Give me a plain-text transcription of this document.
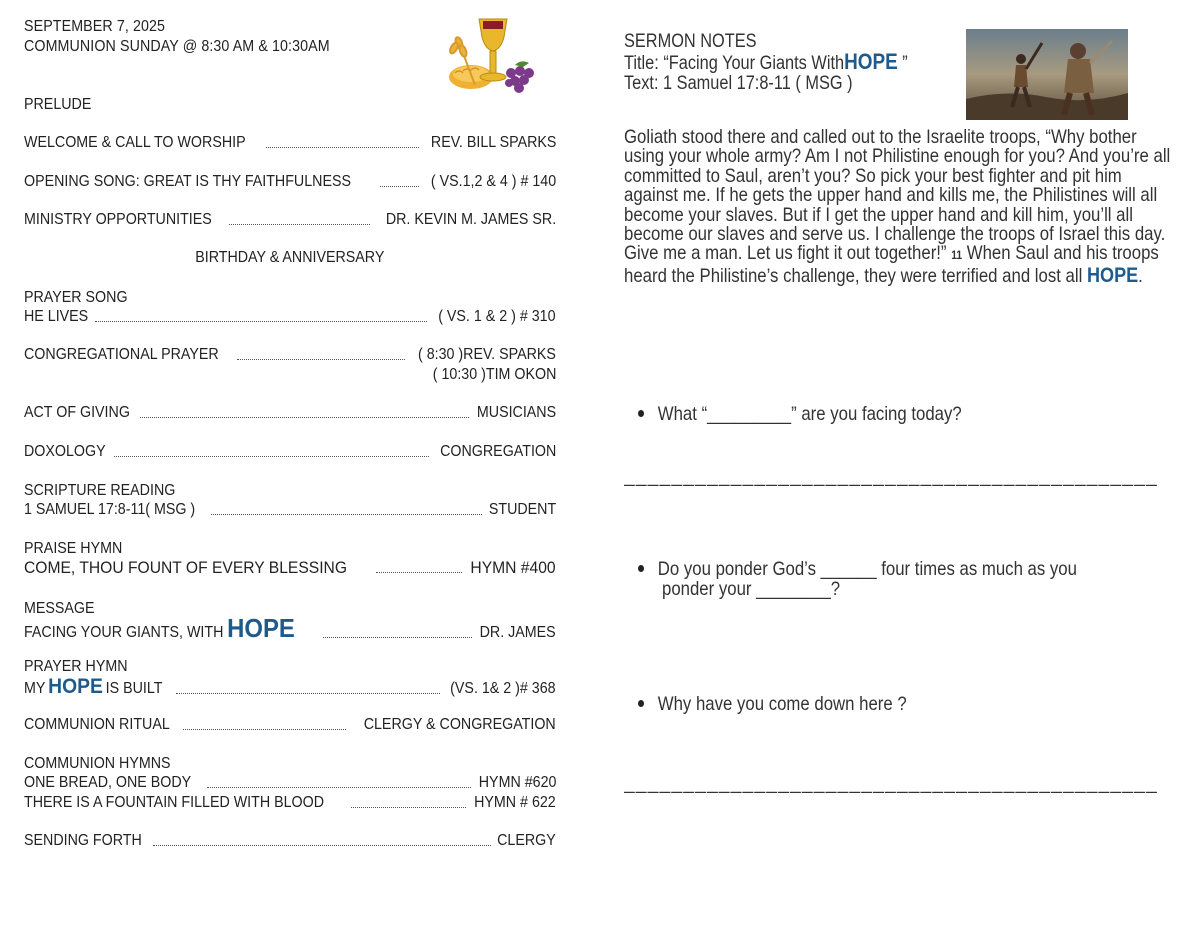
SEPTEMBER 7, 2025
COMMUNION SUNDAY @ 8:30 AM & 10:30AM
PRELUDE
WELCOME & CALL TO WORSHIP	REV. BILL SPARKS
OPENING SONG: GREAT IS THY FAITHFULNESS	( VS.1,2 & 4 ) # 140
MINISTRY OPPORTUNITIES	DR. KEVIN M. JAMES SR.
BIRTHDAY & ANNIVERSARY
PRAYER SONG
HE LIVES	( VS. 1 & 2 ) # 310
CONGREGATIONAL PRAYER	( 8:30 )REV. SPARKS
( 10:30 )TIM OKON
ACT OF GIVING	MUSICIANS
DOXOLOGY	CONGREGATION
SCRIPTURE READING
1 SAMUEL 17:8-11( MSG )	STUDENT
PRAISE HYMN
COME, THOU FOUNT OF EVERY BLESSING	HYMN #400
MESSAGE
FACING YOUR GIANTS, WITH HOPE	DR. JAMES
PRAYER HYMN
MY HOPE IS BUILT	(VS. 1& 2 )# 368
COMMUNION RITUAL	CLERGY & CONGREGATION
COMMUNION HYMNS
ONE BREAD, ONE BODY	HYMN #620
THERE IS A FOUNTAIN FILLED WITH BLOOD	HYMN # 622
SENDING FORTH	CLERGY
SERMON NOTES
Title: “Facing Your Giants WithHOPE ”
Text: 1 Samuel 17:8-11 ( MSG )
Goliath stood there and called out to the Israelite troops, “Why bother using your whole army? Am I not Philistine enough for you? And you’re all committed to Saul, aren’t you? So pick your best fighter and pit him against me. If he gets the upper hand and kills me, the Philistines will all become your slaves. But if I get the upper hand and kill him, you’ll all become our slaves and serve us. I challenge the troops of Israel this day. Give me a man. Let us fight it out together!” 11 When Saul and his troops heard the Philistine’s challenge, they were terrified and lost all HOPE.
What “_________” are you facing today?
_____________________________________________
Do you ponder God’s ______ four times as much as you
ponder your ________?
Why have you come down here ?
_____________________________________________
